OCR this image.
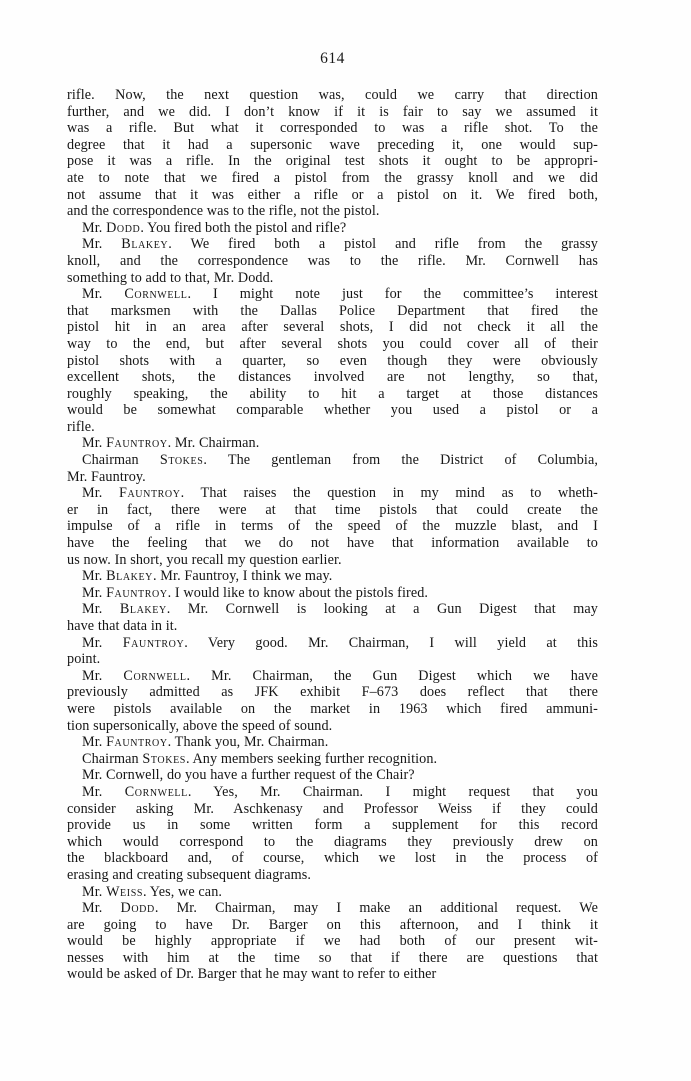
614
rifle. Now, the next question was, could we carry that direction
further, and we did. I don’t know if it is fair to say we assumed it
was a rifle. But what it corresponded to was a rifle shot. To the
degree that it had a supersonic wave preceding it, one would sup-
pose it was a rifle. In the original test shots it ought to be appropri-
ate to note that we fired a pistol from the grassy knoll and we did
not assume that it was either a rifle or a pistol on it. We fired both,
and the correspondence was to the rifle, not the pistol.
Mr. Dodd. You fired both the pistol and rifle?
Mr. Blakey. We fired both a pistol and rifle from the grassy
knoll, and the correspondence was to the rifle. Mr. Cornwell has
something to add to that, Mr. Dodd.
Mr. Cornwell. I might note just for the committee’s interest
that marksmen with the Dallas Police Department that fired the
pistol hit in an area after several shots, I did not check it all the
way to the end, but after several shots you could cover all of their
pistol shots with a quarter, so even though they were obviously
excellent shots, the distances involved are not lengthy, so that,
roughly speaking, the ability to hit a target at those distances
would be somewhat comparable whether you used a pistol or a
rifle.
Mr. Fauntroy. Mr. Chairman.
Chairman Stokes. The gentleman from the District of Columbia,
Mr. Fauntroy.
Mr. Fauntroy. That raises the question in my mind as to wheth-
er in fact, there were at that time pistols that could create the
impulse of a rifle in terms of the speed of the muzzle blast, and I
have the feeling that we do not have that information available to
us now. In short, you recall my question earlier.
Mr. Blakey. Mr. Fauntroy, I think we may.
Mr. Fauntroy. I would like to know about the pistols fired.
Mr. Blakey. Mr. Cornwell is looking at a Gun Digest that may
have that data in it.
Mr. Fauntroy. Very good. Mr. Chairman, I will yield at this
point.
Mr. Cornwell. Mr. Chairman, the Gun Digest which we have
previously admitted as JFK exhibit F–673 does reflect that there
were pistols available on the market in 1963 which fired ammuni-
tion supersonically, above the speed of sound.
Mr. Fauntroy. Thank you, Mr. Chairman.
Chairman Stokes. Any members seeking further recognition.
Mr. Cornwell, do you have a further request of the Chair?
Mr. Cornwell. Yes, Mr. Chairman. I might request that you
consider asking Mr. Aschkenasy and Professor Weiss if they could
provide us in some written form a supplement for this record
which would correspond to the diagrams they previously drew on
the blackboard and, of course, which we lost in the process of
erasing and creating subsequent diagrams.
Mr. Weiss. Yes, we can.
Mr. Dodd. Mr. Chairman, may I make an additional request. We
are going to have Dr. Barger on this afternoon, and I think it
would be highly appropriate if we had both of our present wit-
nesses with him at the time so that if there are questions that
would be asked of Dr. Barger that he may want to refer to either
